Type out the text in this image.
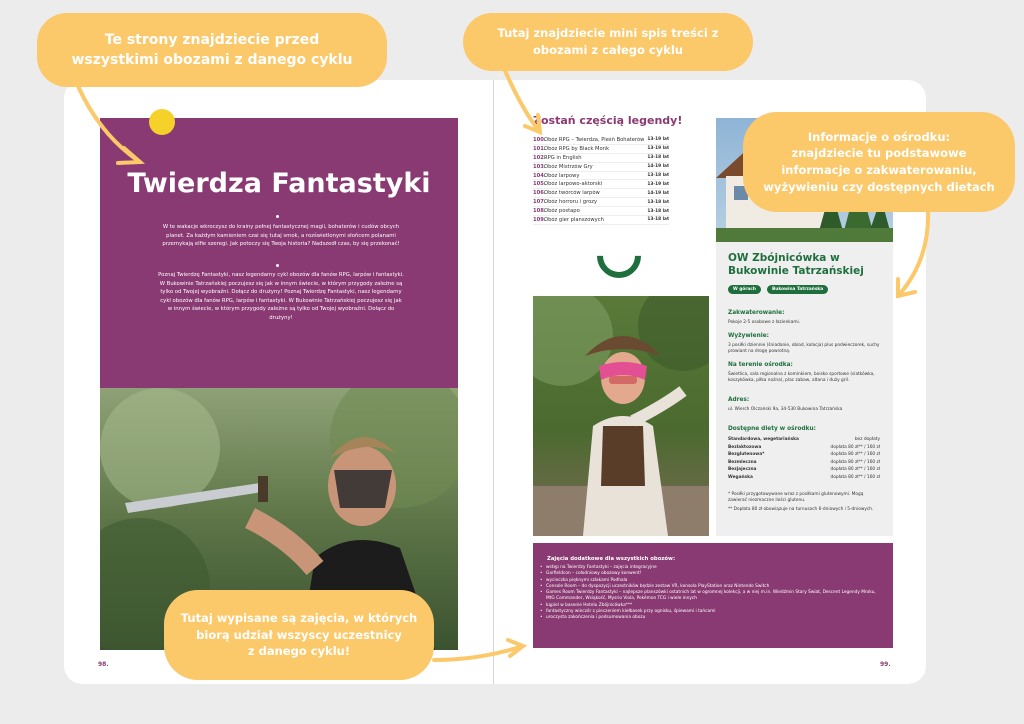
Twierdza Fantastyki
W te wakacje wkroczysz do krainy pełnej fantastycznej magii, bohaterów i cudów obcych planet. Za każdym kamieniem czai się tutaj smok, a rozświetlonymi słońcem polanami przemykają elfie szeregi. Jak potoczy się Twoja historia? Nadszedł czas, by się przekonać!
Poznaj Twierdzę Fantastyki, nasz legendarny cykl obozów dla fanów RPG, larpów i fantastyki. W Bukowinie Tatrzańskiej poczujesz się jak w innym świecie, w którym przygody zależne są tylko od Twojej wyobraźni. Dołącz do drużyny! Poznaj Twierdzę Fantastyki, nasz legendarny cykl obozów dla fanów RPG, larpów i fantastyki. W Bukowinie Tatrzańskiej poczujesz się jak w innym świecie, w którym przygody zależne są tylko od Twojej wyobraźni. Dołącz do drużyny!
98.
Zostań częścią legendy!
100.
Obóz RPG – Twierdza, Pieśń Bohaterów 13-19 lat
101.
Obóz RPG by Black Monk	13-19 lat
102.
RPG in English	13-18 lat
103.
Obóz Mistrzów Gry	14-19 lat
104.
Obóz larpowy	13-18 lat
105.
Obóz larpowo-aktorski	13-19 lat
106.
Obóz twórców larpów	14-19 lat
107.
Obóz horroru i grozy	13-18 lat
108.
Obóz postapo	13-18 lat
109.
Obóz gier planszowych	13-18 lat
OW Zbójnicówka w Bukowinie Tatrzańskiej
W górach	Bukowina Tatrzańska
Zakwaterowanie:
Pokoje 2-5 osobowe z łazienkami.
Wyżywienie:
3 posiłki dziennie (śniadanie, obiad, kolacja) plus podwieczorek, suchy prowiant na drogę powrotną.
Na terenie ośrodka:
Świetlica, sala regionalna z kominkiem, boisko sportowe (siatkówka, koszykówka, piłka nożna), plac zabaw, altana i duży gril.
Adres:
ul. Wierch Olczański 9a, 34-530 Bukowina Tatrzańska
Dostępne diety w ośrodku:
Standardowa, wegetariańska	bez dopłaty
Bezlaktozowa	dopłata 80 zł** / 160 zł
Bezglutenowa*	dopłata 80 zł** / 160 zł
Bezmleczna	dopłata 80 zł** / 160 zł
Bezjajeczna	dopłata 80 zł** / 160 zł
Wegańska	dopłata 80 zł** / 160 zł
* Posiłki przygotowywane wraz z posiłkami glutenowymi. Mogą zawierać niezmaczne ilości glutenu.
** Dopłata 80 zł obowiązuje na turnusach 6-dniowych i 5-dniowych.
Zajęcia dodatkowe dla wszystkich obozów:
• wstęp na Twierdzy Fantastyki – zajęcia integracyjne
• Garfieldcon – cołodniowy obozowy konwent!
• wycieczka pięknymi szlakami Podhala
• Console Room – do dyspozycji uczestników będzie zestaw VR, konsola PlayStation oraz Nintendo Switch
• Games Room Twierdzy Fantastyki – najlepsze planszówki ostatnich lat w ogromnej kolekcji, a w niej m.in. Wiedźmin Stary Świat, Descent Legendy Mroku, MtG Commander, Wsiąkość, Mysrio Viola, Pokémon TCG i wiele innych
• kąpiel w basenie Hotelu Zbójnicówka***
• fantastyczny wieczór z pieczeniem kiełbasek przy ognisku, śpiewami i tańcami
• uroczysta zakończenia i podsumowania obozu
99.
Te strony znajdziecie przed
wszystkimi obozami z danego cyklu
Tutaj znajdziecie mini spis treści z
obozami z całego cyklu
Informacje o ośrodku:
znajdziecie tu podstawowe
informacje o zakwaterowaniu,
wyżywieniu czy dostępnych dietach
Tutaj wypisane są zajęcia, w których
biorą udział wszyscy uczestnicy
z danego cyklu!
